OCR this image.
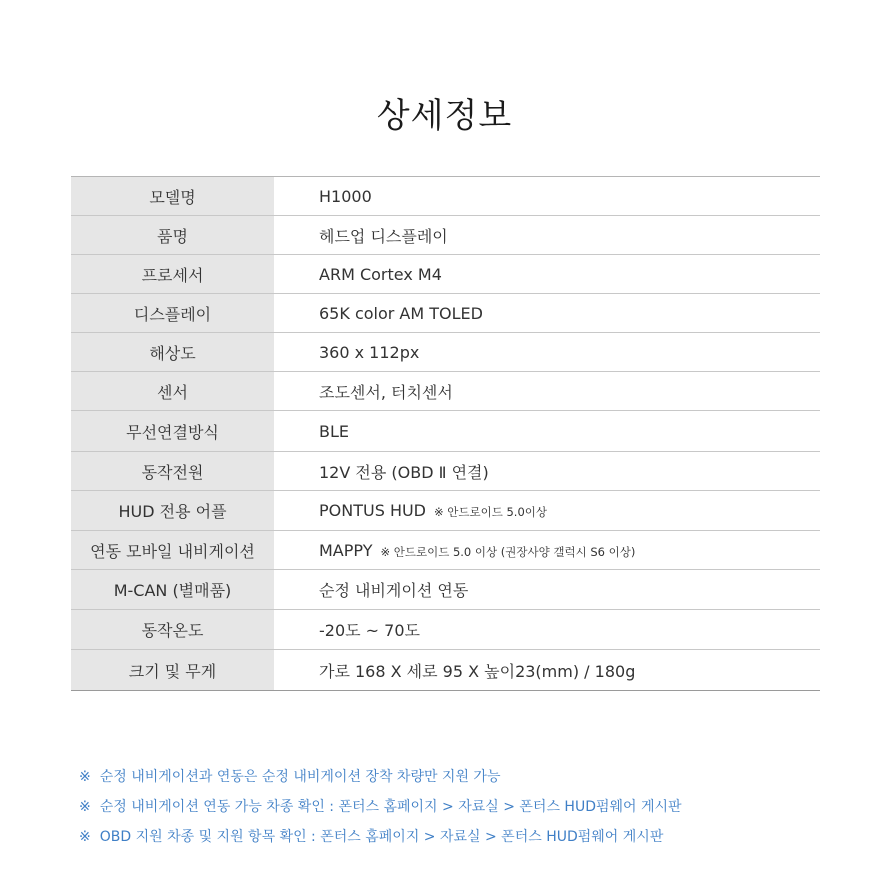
상세정보
모델명	H1000
품명	헤드업 디스플레이
프로세서	ARM Cortex M4
디스플레이	65K color AM TOLED
해상도	360 x 112px
센서	조도센서, 터치센서
무선연결방식	BLE
동작전원	12V 전용 (OBD Ⅱ 연결)
HUD 전용 어플	PONTUS HUD ※ 안드로이드 5.0이상
연동 모바일 내비게이션	MAPPY ※ 안드로이드 5.0 이상 (권장사양 갤럭시 S6 이상)
M-CAN (별매품)	순정 내비게이션 연동
동작온도	-20도 ~ 70도
크기 및 무게	가로 168 X 세로 95 X 높이23(mm) / 180g
※ 순정 내비게이션과 연동은 순정 내비게이션 장착 차량만 지원 가능
※ 순정 내비게이션 연동 가능 차종 확인 : 폰터스 홈페이지 > 자료실 > 폰터스 HUD펌웨어 게시판
※ OBD 지원 차종 및 지원 항목 확인 : 폰터스 홈페이지 > 자료실 > 폰터스 HUD펌웨어 게시판
